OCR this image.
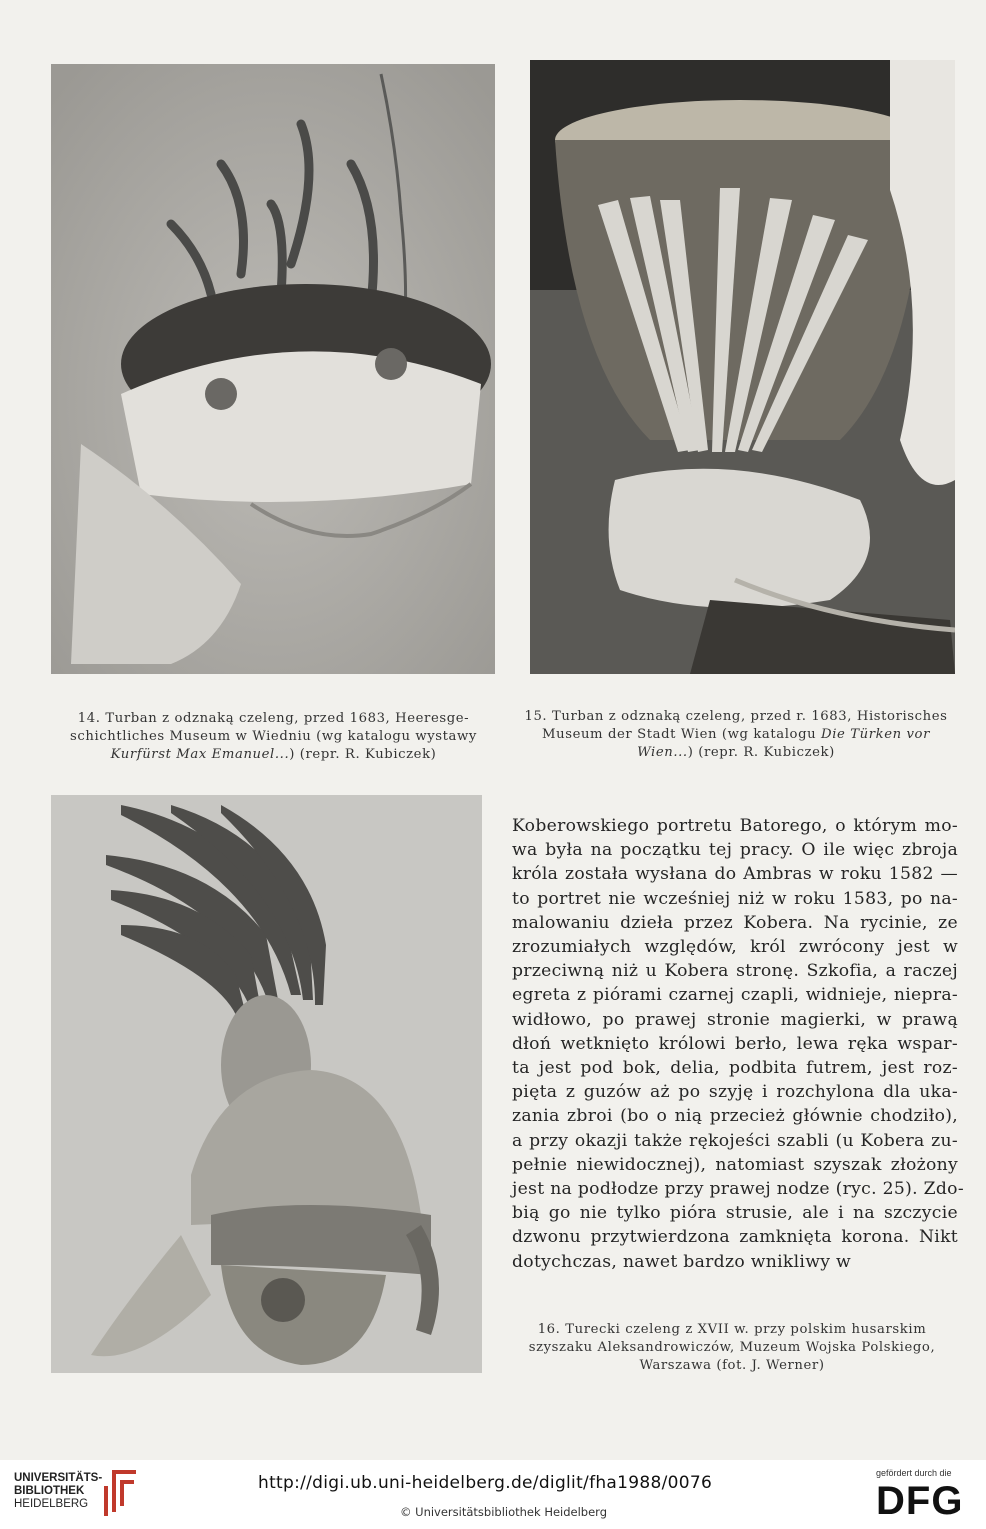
14. Turban z odznaką czeleng, przed 1683, Heeresge-
schichtliches Museum w Wiedniu (wg katalogu wystawy
Kurfürst Max Emanuel...) (repr. R. Kubiczek)
15. Turban z odznaką czeleng, przed r. 1683, Historisches
Museum der Stadt Wien (wg katalogu Die Türken vor
Wien...) (repr. R. Kubiczek)
16. Turecki czeleng z XVII w. przy polskim husarskim
szyszaku Aleksandrowiczów, Muzeum Wojska Polskiego,
Warszawa (fot. J. Werner)
Koberowskiego portretu Batorego, o którym mo-
wa była na początku tej pracy. O ile więc zbroja
króla została wysłana do Ambras w roku 1582 —
to portret nie wcześniej niż w roku 1583, po na-
malowaniu dzieła przez Kobera. Na rycinie, ze
zrozumiałych względów, król zwrócony jest w
przeciwną niż u Kobera stronę. Szkofia, a raczej
egreta z piórami czarnej czapli, widnieje, niepra-
widłowo, po prawej stronie magierki, w prawą
dłoń wetknięto królowi berło, lewa ręka wspar-
ta jest pod bok, delia, podbita futrem, jest roz-
pięta z guzów aż po szyję i rozchylona dla uka-
zania zbroi (bo o nią przecież głównie chodziło),
a przy okazji także rękojeści szabli (u Kobera zu-
pełnie niewidocznej), natomiast szyszak złożony
jest na podłodze przy prawej nodze (ryc. 25). Zdo-
bią go nie tylko pióra strusie, ale i na szczycie
dzwonu przytwierdzona zamknięta korona. Nikt
dotychczas, nawet bardzo wnikliwy w
UNIVERSITÄTS-
BIBLIOTHEK
HEIDELBERG
http://digi.ub.uni-heidelberg.de/diglit/fha1988/0076
© Universitätsbibliothek Heidelberg
gefördert durch die
DFG
